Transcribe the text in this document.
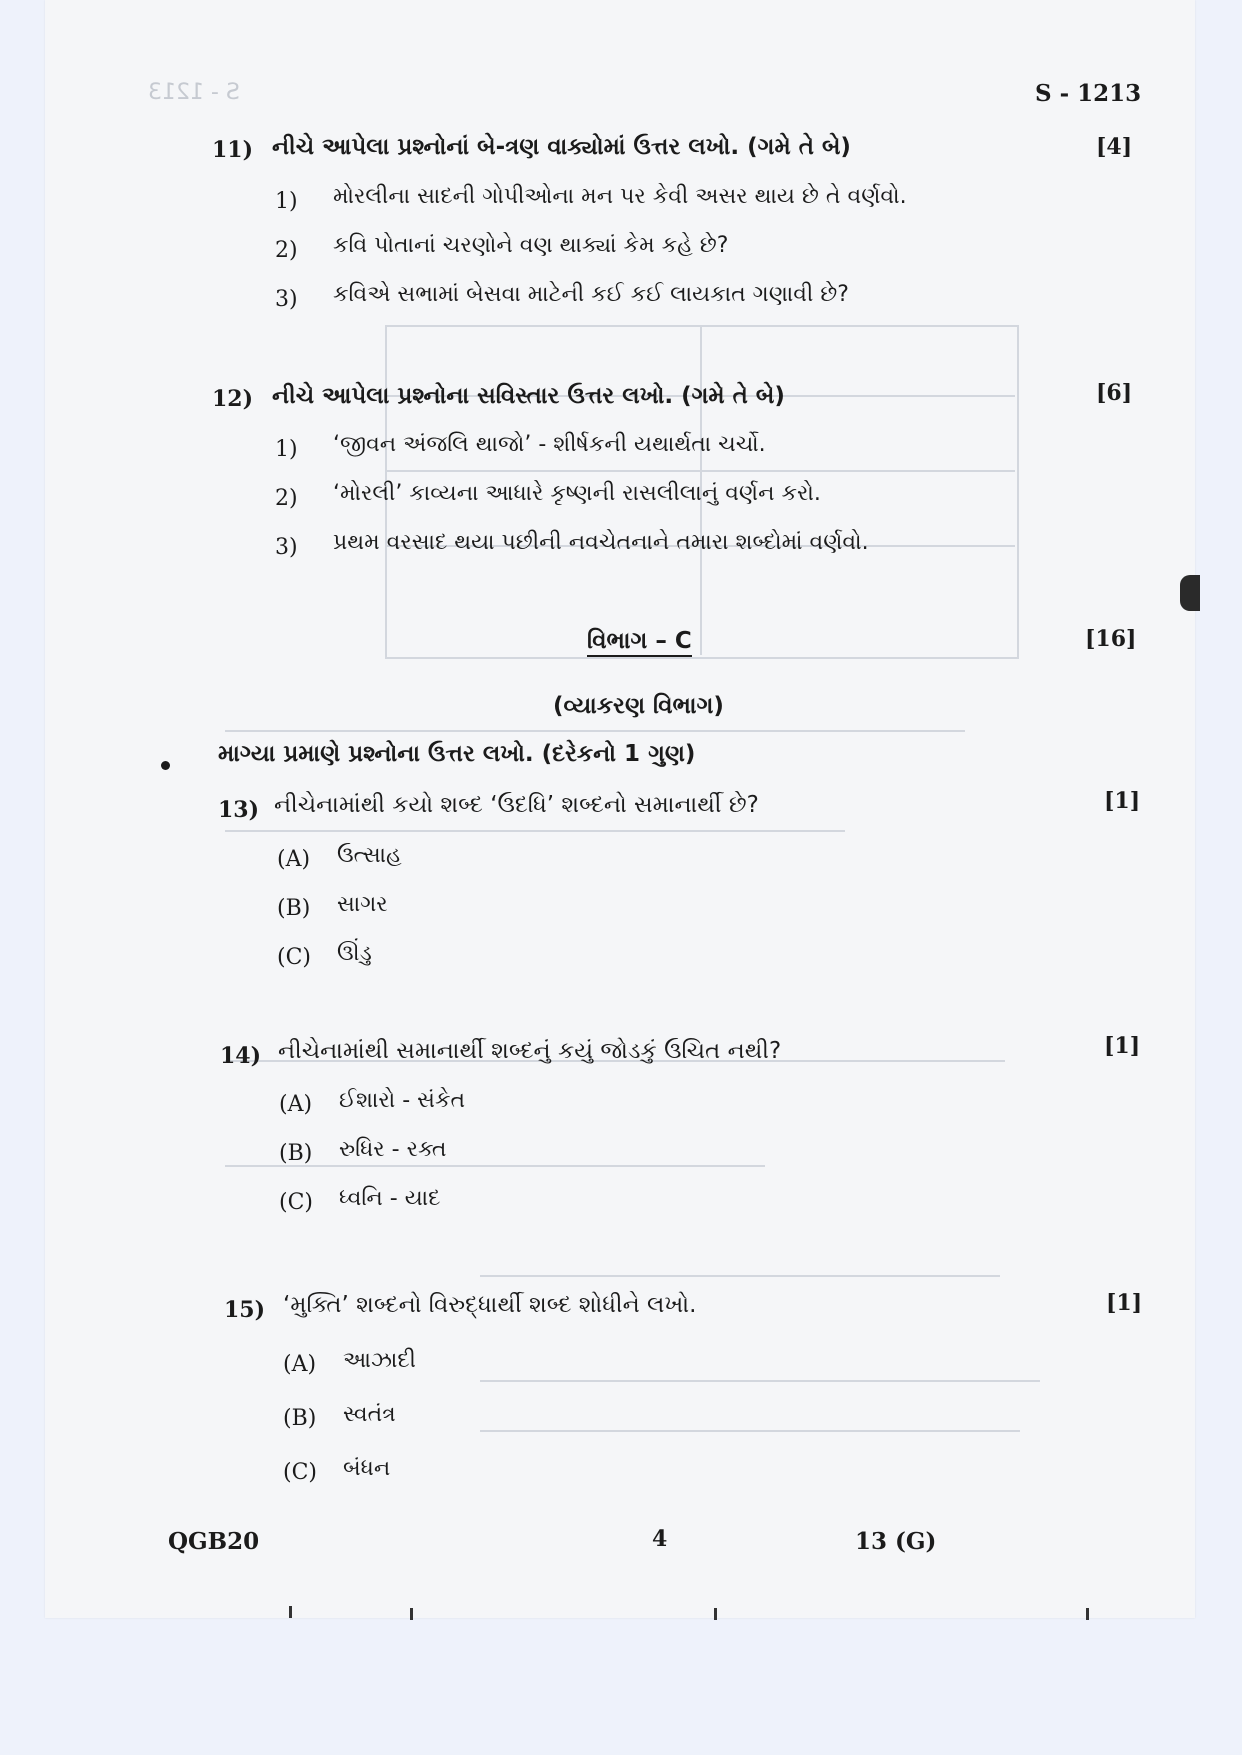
S - 1213	S - 1213
11) નીચે આપેલા પ્રશ્નોનાં બે-ત્રણ વાક્યોમાં ઉત્તર લખો. (ગમે તે બે)	[4]
1) મોરલીના સાદની ગોપીઓના મન પર કેવી અસર થાય છે તે વર્ણવો.
2) કવિ પોતાનાં ચરણોને વણ થાક્યાં કેમ કહે છે?
3) કવિએ સભામાં બેસવા માટેની કઈ કઈ લાયકાત ગણાવી છે?
12) નીચે આપેલા પ્રશ્નોના સવિસ્તાર ઉત્તર લખો. (ગમે તે બે)	[6]
1) ‘જીવન અંજલિ થાજો’ - શીર્ષકની યથાર્થતા ચર્ચો.
2) ‘મોરલી’ કાવ્યના આધારે કૃષ્ણની રાસલીલાનું વર્ણન કરો.
3) પ્રથમ વરસાદ થયા પછીની નવચેતનાને તમારા શબ્દોમાં વર્ણવો.
વિભાગ – C	[16]
(વ્યાકરણ વિભાગ)
માગ્યા પ્રમાણે પ્રશ્નોના ઉત્તર લખો. (દરેકનો 1 ગુણ)
13) નીચેનામાંથી કયો શબ્દ ‘ઉદધિ’ શબ્દનો સમાનાર્થી છે?	[1]
(A) ઉત્સાહ
(B) સાગર
(C) ઊંડુ
14) નીચેનામાંથી સમાનાર્થી શબ્દનું કયું જોડકું ઉચિત નથી?	[1]
(A) ઈશારો - સંકેત
(B) રુધિર - રક્ત
(C) ધ્વનિ - યાદ
15) ‘મુક્તિ’ શબ્દનો વિરુદ્ધાર્થી શબ્દ શોધીને લખો.	[1]
(A) આઝાદી
(B) સ્વતંત્ર
(C) બંધન
QGB20	4	13 (G)
